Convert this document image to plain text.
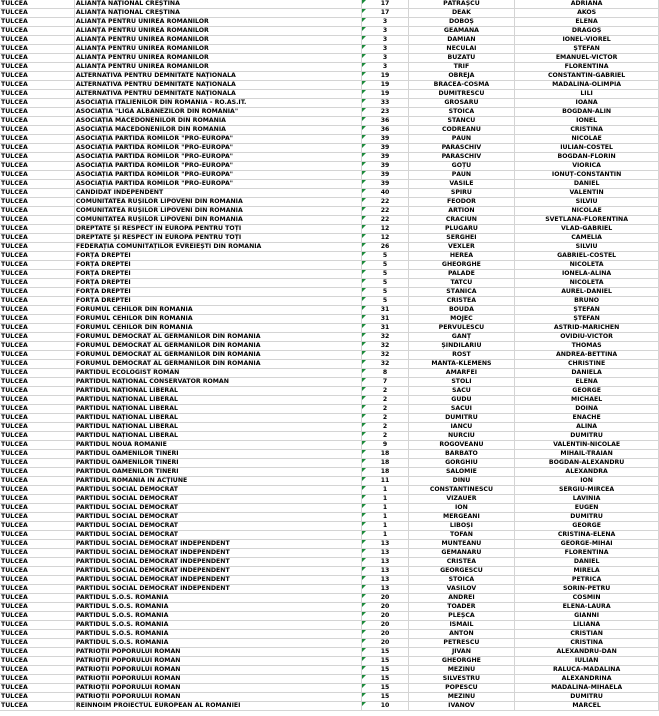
TULCEA	ALIANȚA NAȚIONAL CREȘTINĂ	17	PĂTRAȘCU	ADRIANA
TULCEA	ALIANȚA NAȚIONAL CREȘTINĂ	17	DEÁK	ÁKOS
TULCEA	ALIANȚA PENTRU UNIREA ROMÂNILOR	3	DOBOȘ	ELENA
TULCEA	ALIANȚA PENTRU UNIREA ROMÂNILOR	3	GEAMĂNĂ	DRAGOȘ
TULCEA	ALIANȚA PENTRU UNIREA ROMÂNILOR	3	DAMIAN	IONEL-VIOREL
TULCEA	ALIANȚA PENTRU UNIREA ROMÂNILOR	3	NECULAI	ȘTEFAN
TULCEA	ALIANȚA PENTRU UNIREA ROMÂNILOR	3	BUZATU	EMANUEL-VICTOR
TULCEA	ALIANȚA PENTRU UNIREA ROMÂNILOR	3	TRIF	FLORENTINA
TULCEA	ALTERNATIVA PENTRU DEMNITATE NAȚIONALĂ	19	OBREJA	CONSTANTIN-GABRIEL
TULCEA	ALTERNATIVA PENTRU DEMNITATE NAȚIONALĂ	19	BRACEA-COSMA	MĂDĂLINA-OLIMPIA
TULCEA	ALTERNATIVA PENTRU DEMNITATE NAȚIONALĂ	19	DUMITRESCU	LILI
TULCEA	ASOCIAȚIA ITALIENILOR DIN ROMÂNIA - RO.AS.IT.	33	GROSARU	IOANA
TULCEA	ASOCIAȚIA "LIGA ALBANEZILOR DIN ROMÂNIA"	23	STOICA	BOGDAN-ALIN
TULCEA	ASOCIAȚIA MACEDONENILOR DIN ROMÂNIA	36	STANCU	IONEL
TULCEA	ASOCIAȚIA MACEDONENILOR DIN ROMÂNIA	36	CODREANU	CRISTINA
TULCEA	ASOCIAȚIA PARTIDA ROMILOR "PRO-EUROPA"	39	PĂUN	NICOLAE
TULCEA	ASOCIAȚIA PARTIDA ROMILOR "PRO-EUROPA"	39	PARASCHIV	IULIAN-COSTEL
TULCEA	ASOCIAȚIA PARTIDA ROMILOR "PRO-EUROPA"	39	PARASCHIV	BOGDAN-FLORIN
TULCEA	ASOCIAȚIA PARTIDA ROMILOR "PRO-EUROPA"	39	GOȚU	VIORICA
TULCEA	ASOCIAȚIA PARTIDA ROMILOR "PRO-EUROPA"	39	PĂUN	IONUȚ-CONSTANTIN
TULCEA	ASOCIAȚIA PARTIDA ROMILOR "PRO-EUROPA"	39	VASILE	DANIEL
TULCEA	CANDIDAT INDEPENDENT	40	SPIRU	VALENTIN
TULCEA	COMUNITATEA RUȘILOR LIPOVENI DIN ROMÂNIA	22	FEODOR	SILVIU
TULCEA	COMUNITATEA RUȘILOR LIPOVENI DIN ROMÂNIA	22	ARTION	NICOLAE
TULCEA	COMUNITATEA RUȘILOR LIPOVENI DIN ROMÂNIA	22	CRĂCIUN	SVETLANA-FLORENTINA
TULCEA	DREPTATE ȘI RESPECT ÎN EUROPA PENTRU TOȚI	12	PLUGARU	VLAD-GABRIEL
TULCEA	DREPTATE ȘI RESPECT ÎN EUROPA PENTRU TOȚI	12	SERGHEI	CAMELIA
TULCEA	FEDERAȚIA COMUNITĂȚILOR EVREIEȘTI DIN ROMÂNIA	26	VEXLER	SILVIU
TULCEA	FORȚA DREPTEI	5	HEREA	GABRIEL-COSTEL
TULCEA	FORȚA DREPTEI	5	GHEORGHE	NICOLETA
TULCEA	FORȚA DREPTEI	5	PALADE	IONELA-ALINA
TULCEA	FORȚA DREPTEI	5	TATCU	NICOLETA
TULCEA	FORȚA DREPTEI	5	STĂNICĂ	AUREL-DANIEL
TULCEA	FORȚA DREPTEI	5	CRISTEA	BRUNO
TULCEA	FORUMUL CEHILOR DIN ROMÂNIA	31	BOUDA	ȘTEFAN
TULCEA	FORUMUL CEHILOR DIN ROMÂNIA	31	MOJEC	ȘTEFAN
TULCEA	FORUMUL CEHILOR DIN ROMÂNIA	31	PERVULESCU	ASTRID-MARICHEN
TULCEA	FORUMUL DEMOCRAT AL GERMANILOR DIN ROMÂNIA	32	GANȚ	OVIDIU-VICTOR
TULCEA	FORUMUL DEMOCRAT AL GERMANILOR DIN ROMÂNIA	32	ȘINDILARIU	THOMAS
TULCEA	FORUMUL DEMOCRAT AL GERMANILOR DIN ROMÂNIA	32	ROST	ANDREA-BETTINA
TULCEA	FORUMUL DEMOCRAT AL GERMANILOR DIN ROMÂNIA	32	MANTA-KLEMENS	CHRISTINE
TULCEA	PARTIDUL ECOLOGIST ROMÂN	8	AMARFEI	DANIELA
TULCEA	PARTIDUL NAȚIONAL CONSERVATOR ROMÂN	7	STOLI	ELENA
TULCEA	PARTIDUL NAȚIONAL LIBERAL	2	SĂCU	GEORGE
TULCEA	PARTIDUL NAȚIONAL LIBERAL	2	GUDU	MICHAEL
TULCEA	PARTIDUL NAȚIONAL LIBERAL	2	SĂCUI	DOINA
TULCEA	PARTIDUL NAȚIONAL LIBERAL	2	DUMITRU	ENACHE
TULCEA	PARTIDUL NAȚIONAL LIBERAL	2	IANCU	ALINA
TULCEA	PARTIDUL NAȚIONAL LIBERAL	2	NURCIU	DUMITRU
TULCEA	PARTIDUL NOUA ROMÂNIE	9	ROGOVEANU	VALENTIN-NICOLAE
TULCEA	PARTIDUL OAMENILOR TINERI	18	BARBATO	MIHAIL-TRAIAN
TULCEA	PARTIDUL OAMENILOR TINERI	18	GORGHIU	BOGDAN-ALEXANDRU
TULCEA	PARTIDUL OAMENILOR TINERI	18	SALOMIE	ALEXANDRA
TULCEA	PARTIDUL ROMÂNIA ÎN ACȚIUNE	11	DINU	ION
TULCEA	PARTIDUL SOCIAL DEMOCRAT	1	CONSTANTINESCU	SERGIU-MIRCEA
TULCEA	PARTIDUL SOCIAL DEMOCRAT	1	VIZAUER	LAVINIA
TULCEA	PARTIDUL SOCIAL DEMOCRAT	1	ION	EUGEN
TULCEA	PARTIDUL SOCIAL DEMOCRAT	1	MERGEANI	DUMITRU
TULCEA	PARTIDUL SOCIAL DEMOCRAT	1	LIBOȘI	GEORGE
TULCEA	PARTIDUL SOCIAL DEMOCRAT	1	TOFAN	CRISTINA-ELENA
TULCEA	PARTIDUL SOCIAL DEMOCRAT INDEPENDENT	13	MUNTEANU	GEORGE-MIHAI
TULCEA	PARTIDUL SOCIAL DEMOCRAT INDEPENDENT	13	GEMĂNARU	FLORENTINA
TULCEA	PARTIDUL SOCIAL DEMOCRAT INDEPENDENT	13	CRISTEA	DANIEL
TULCEA	PARTIDUL SOCIAL DEMOCRAT INDEPENDENT	13	GEORGESCU	MIRELA
TULCEA	PARTIDUL SOCIAL DEMOCRAT INDEPENDENT	13	STOICA	PETRICĂ
TULCEA	PARTIDUL SOCIAL DEMOCRAT INDEPENDENT	13	VASILOV	SORIN-PETRU
TULCEA	PARTIDUL S.O.S. ROMÂNIA	20	ANDREI	COSMIN
TULCEA	PARTIDUL S.O.S. ROMÂNIA	20	TOADER	ELENA-LAURA
TULCEA	PARTIDUL S.O.S. ROMÂNIA	20	PLEȘCA	GIANNI
TULCEA	PARTIDUL S.O.S. ROMÂNIA	20	ISMAIL	LILIANA
TULCEA	PARTIDUL S.O.S. ROMÂNIA	20	ANTON	CRISTIAN
TULCEA	PARTIDUL S.O.S. ROMÂNIA	20	PETRESCU	CRISTINA
TULCEA	PATRIOȚII POPORULUI ROMÂN	15	JIVAN	ALEXANDRU-DAN
TULCEA	PATRIOȚII POPORULUI ROMÂN	15	GHEORGHE	IULIAN
TULCEA	PATRIOȚII POPORULUI ROMÂN	15	MEZINU	RALUCA-MĂDĂLINA
TULCEA	PATRIOȚII POPORULUI ROMÂN	15	SILVESTRU	ALEXANDRINA
TULCEA	PATRIOȚII POPORULUI ROMÂN	15	POPESCU	MĂDĂLINA-MIHAELA
TULCEA	PATRIOȚII POPORULUI ROMÂN	15	MEZINU	DUMITRU
TULCEA	REÎNNOIM PROIECTUL EUROPEAN AL ROMÂNIEI	10	IVANOV	MARCEL
